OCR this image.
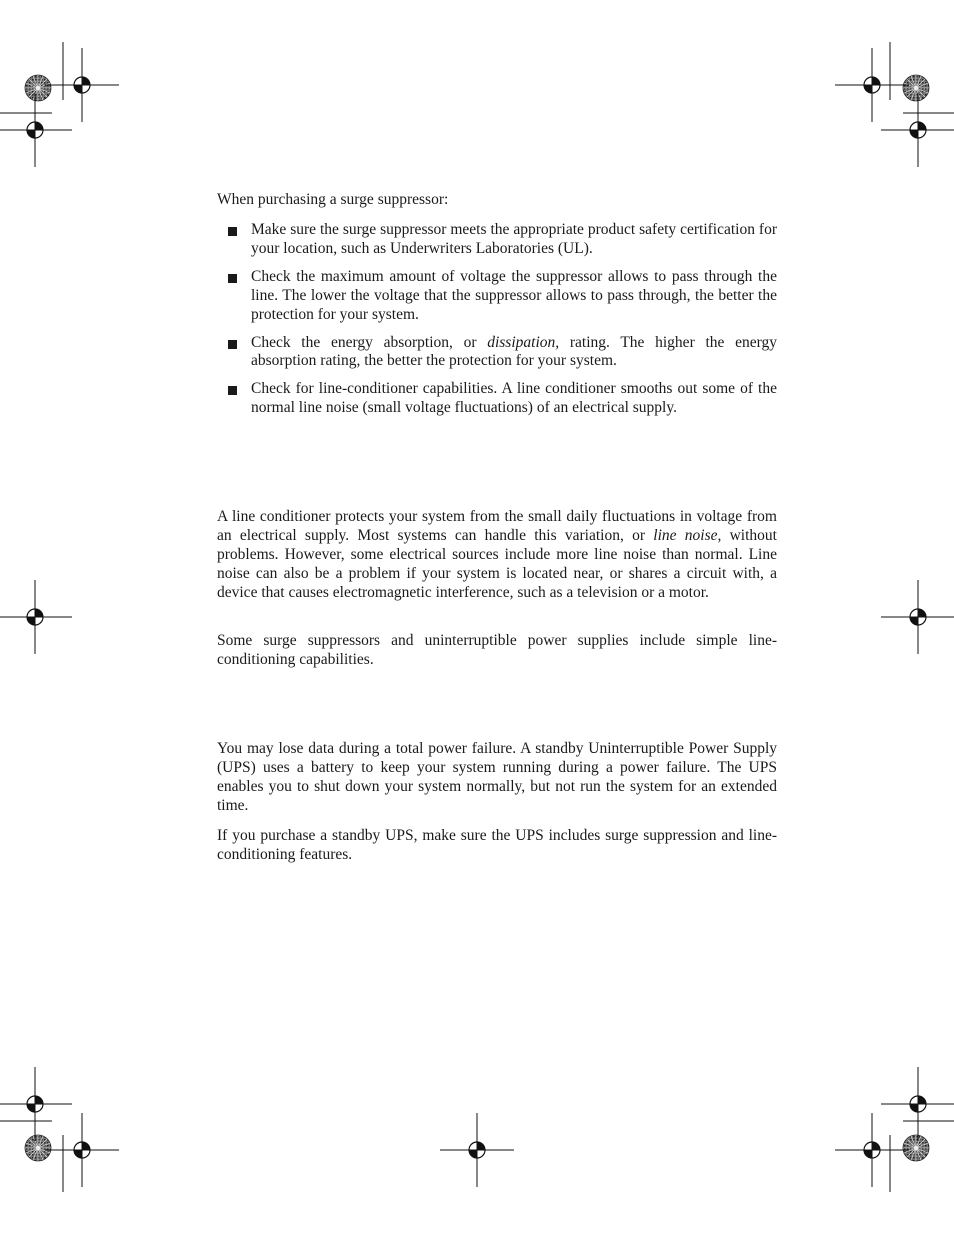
When purchasing a surge suppressor:

Make sure the surge suppressor meets the appropriate product safety certification for your location, such as Underwriters Laboratories (UL).
Check the maximum amount of voltage the suppressor allows to pass through the line. The lower the voltage that the suppressor allows to pass through, the better the protection for your system.
Check the energy absorption, or dissipation, rating. The higher the energy absorption rating, the better the protection for your system.
Check for line-conditioner capabilities. A line conditioner smooths out some of the normal line noise (small voltage fluctuations) of an electrical supply.

A line conditioner protects your system from the small daily fluctuations in voltage from an electrical supply. Most systems can handle this variation, or line noise, without problems. However, some electrical sources include more line noise than normal. Line noise can also be a problem if your system is located near, or shares a circuit with, a device that causes electromagnetic interference, such as a television or a motor.

Some surge suppressors and uninterruptible power supplies include simple line-conditioning capabilities.

You may lose data during a total power failure. A standby Uninterruptible Power Supply (UPS) uses a battery to keep your system running during a power failure. The UPS enables you to shut down your system normally, but not run the system for an extended time.

If you purchase a standby UPS, make sure the UPS includes surge suppression and line-conditioning features.
